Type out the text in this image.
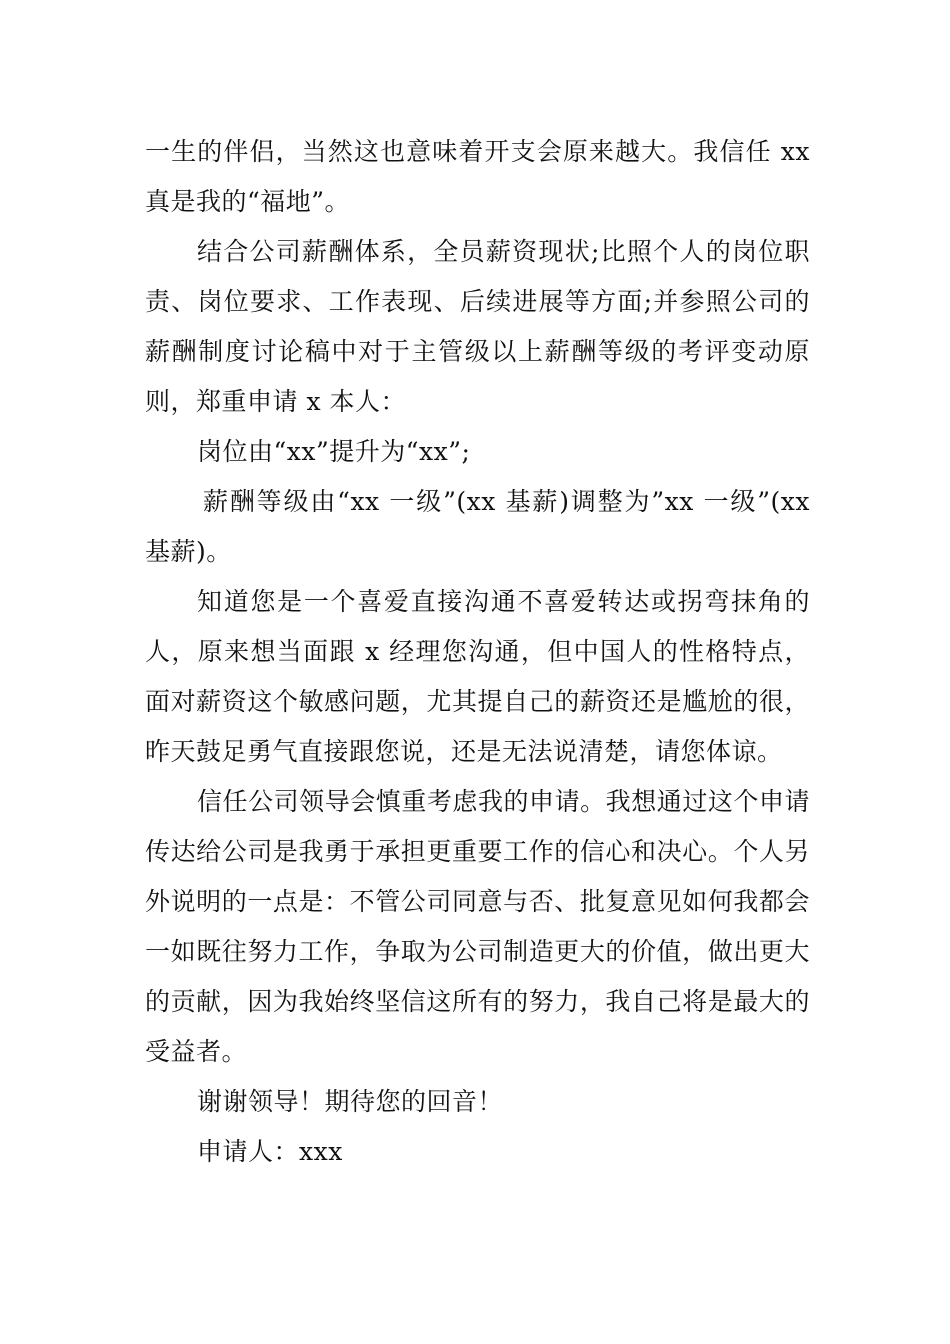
一生的伴侣，当然这也意味着开支会原来越大。我信任 xx 真是我的“福地”。

结合公司薪酬体系，全员薪资现状;比照个人的岗位职责、岗位要求、工作表现、后续进展等方面;并参照公司的薪酬制度讨论稿中对于主管级以上薪酬等级的考评变动原则，郑重申请 x 本人：

岗位由“xx”提升为“xx”;

薪酬等级由“xx 一级”(xx 基薪)调整为”xx 一级”(xx 基薪)。

知道您是一个喜爱直接沟通不喜爱转达或拐弯抹角的人，原来想当面跟 x 经理您沟通，但中国人的性格特点，面对薪资这个敏感问题，尤其提自己的薪资还是尴尬的很，昨天鼓足勇气直接跟您说，还是无法说清楚，请您体谅。

信任公司领导会慎重考虑我的申请。我想通过这个申请传达给公司是我勇于承担更重要工作的信心和决心。个人另外说明的一点是：不管公司同意与否、批复意见如何我都会一如既往努力工作，争取为公司制造更大的价值，做出更大的贡献，因为我始终坚信这所有的努力，我自己将是最大的受益者。

谢谢领导！期待您的回音！

申请人：xxx
